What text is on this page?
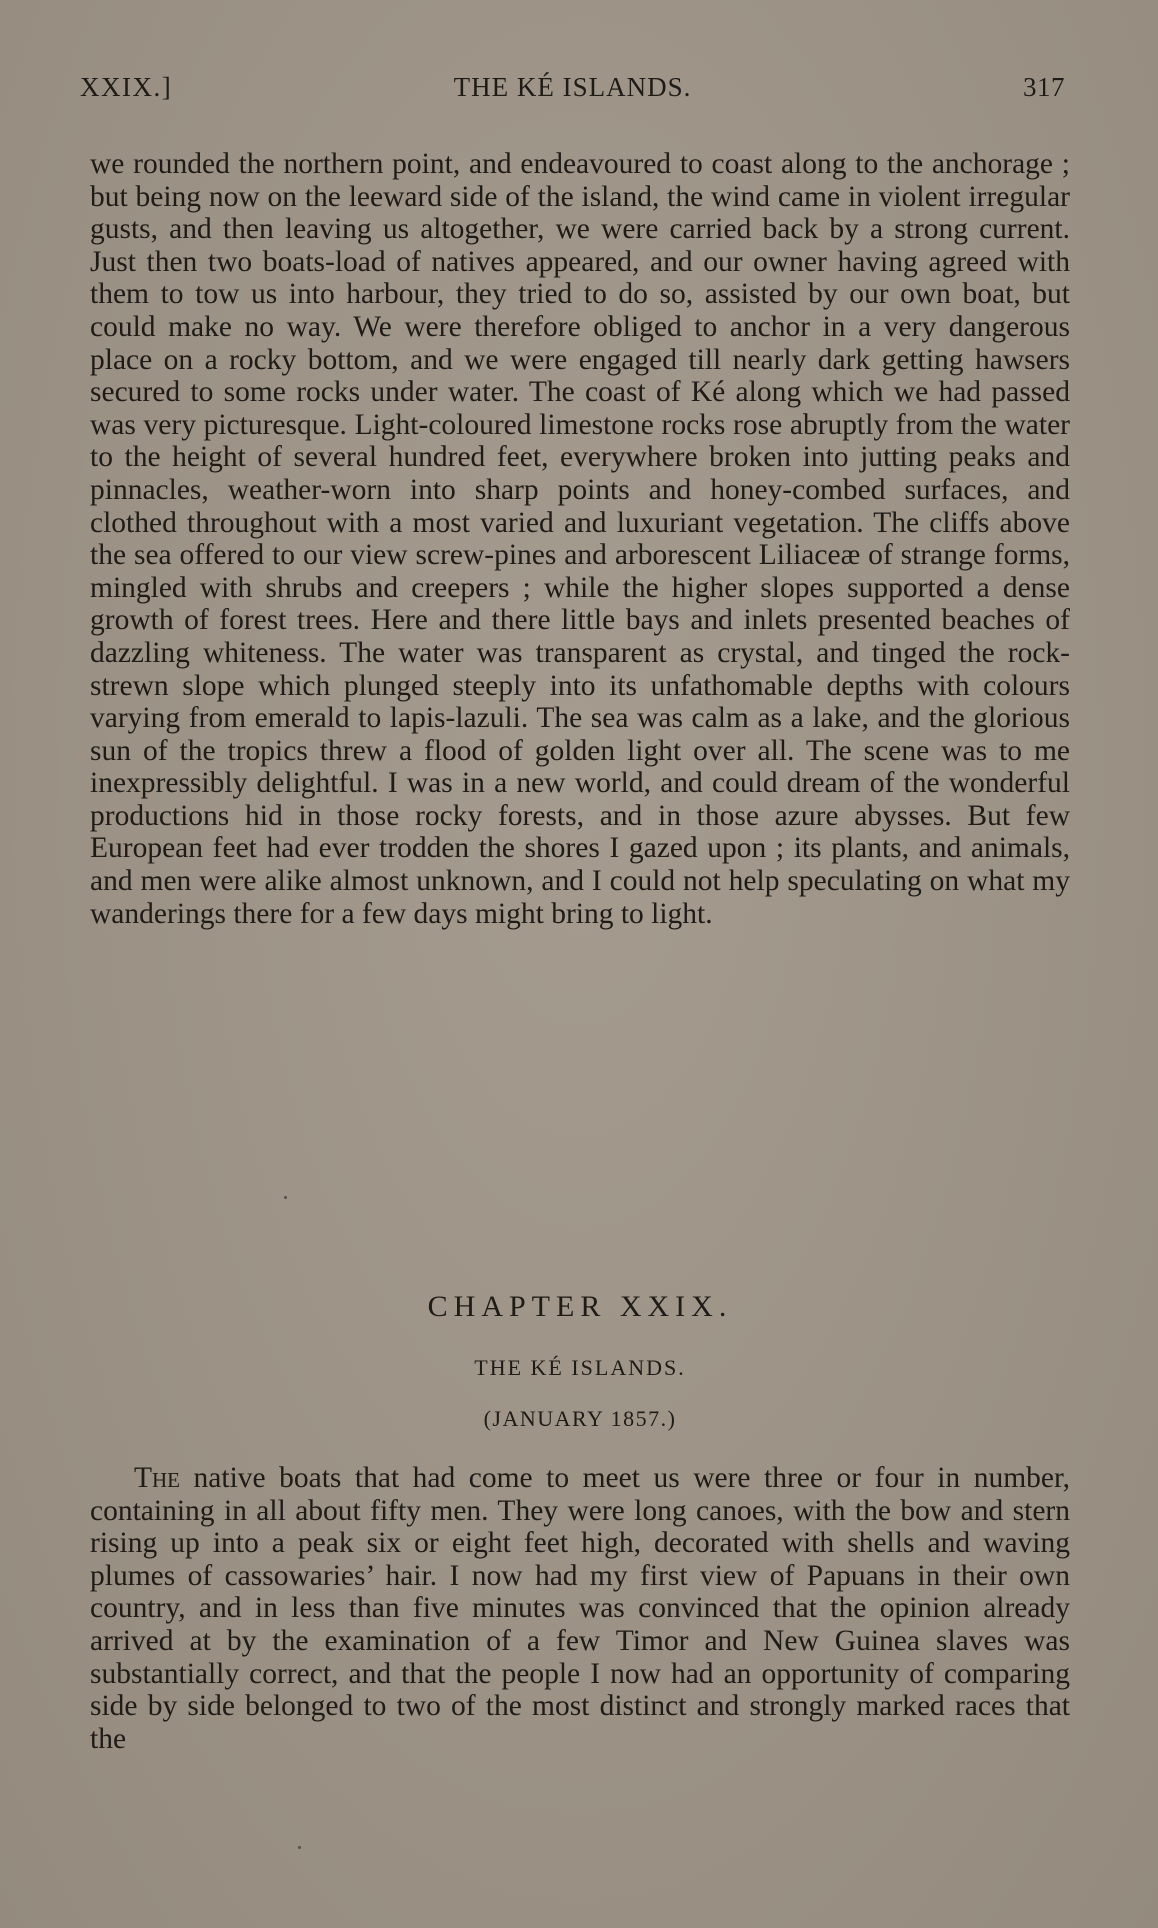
XXIX.]	THE KÉ ISLANDS.	317

we rounded the northern point, and endeavoured to coast along to the anchorage ; but being now on the leeward side of the island, the wind came in violent irregular gusts, and then leaving us altogether, we were carried back by a strong current. Just then two boats-load of natives appeared, and our owner having agreed with them to tow us into harbour, they tried to do so, assisted by our own boat, but could make no way. We were therefore obliged to anchor in a very dangerous place on a rocky bottom, and we were engaged till nearly dark getting hawsers secured to some rocks under water. The coast of Ké along which we had passed was very picturesque. Light-coloured limestone rocks rose abruptly from the water to the height of several hundred feet, everywhere broken into jutting peaks and pinnacles, weather-worn into sharp points and honey-combed surfaces, and clothed throughout with a most varied and luxuriant vegetation. The cliffs above the sea offered to our view screw-pines and arborescent Liliaceæ of strange forms, mingled with shrubs and creepers ; while the higher slopes supported a dense growth of forest trees. Here and there little bays and inlets presented beaches of dazzling whiteness. The water was transparent as crystal, and tinged the rock-strewn slope which plunged steeply into its unfathomable depths with colours varying from emerald to lapis-lazuli. The sea was calm as a lake, and the glorious sun of the tropics threw a flood of golden light over all. The scene was to me inexpressibly delightful. I was in a new world, and could dream of the wonderful productions hid in those rocky forests, and in those azure abysses. But few European feet had ever trodden the shores I gazed upon ; its plants, and animals, and men were alike almost unknown, and I could not help speculating on what my wanderings there for a few days might bring to light.

CHAPTER XXIX.
THE KÉ ISLANDS.
(JANUARY 1857.)

The native boats that had come to meet us were three or four in number, containing in all about fifty men. They were long canoes, with the bow and stern rising up into a peak six or eight feet high, decorated with shells and waving plumes of cassowaries’ hair. I now had my first view of Papuans in their own country, and in less than five minutes was convinced that the opinion already arrived at by the examination of a few Timor and New Guinea slaves was substantially correct, and that the people I now had an opportunity of comparing side by side belonged to two of the most distinct and strongly marked races that the
